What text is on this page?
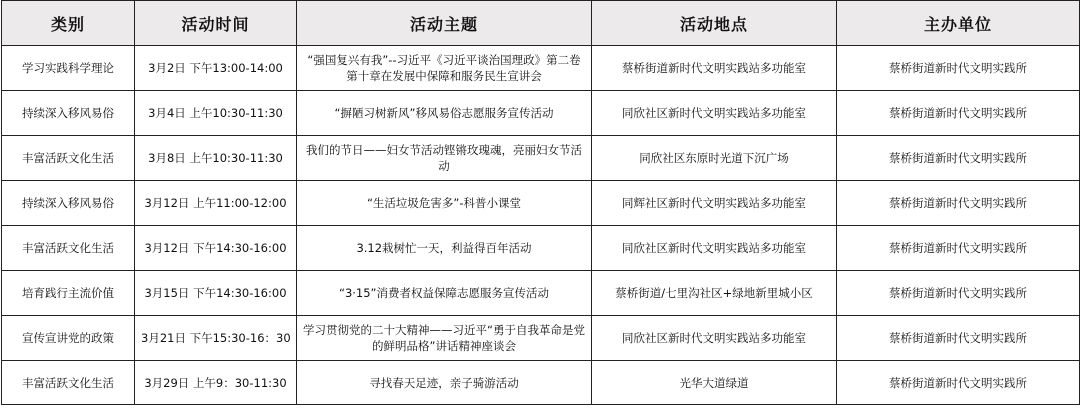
类别	活动时间	活动主题	活动地点	主办单位
学习实践科学理论	3月2日 下午13:00-14:00	“强国复兴有我”--习近平《习近平谈治国理政》第二卷第十章在发展中保障和服务民生宣讲会	蔡桥街道新时代文明实践站多功能室	蔡桥街道新时代文明实践所
持续深入移风易俗	3月4日 上午10:30-11:30	“摒陋习树新风”移风易俗志愿服务宣传活动	同欣社区新时代文明实践站多功能室	蔡桥街道新时代文明实践所
丰富活跃文化生活	3月8日 上午10:30-11:30	我们的节日——妇女节活动铿锵玫瑰魂，亮丽妇女节活动	同欣社区东原时光道下沉广场	蔡桥街道新时代文明实践所
持续深入移风易俗	3月12日 上午11:00-12:00	“生活垃圾危害多”-科普小课堂	同辉社区新时代文明实践站多功能室	蔡桥街道新时代文明实践所
丰富活跃文化生活	3月12日 下午14:30-16:00	3.12栽树忙一天，利益得百年活动	同欣社区新时代文明实践站多功能室	蔡桥街道新时代文明实践所
培育践行主流价值	3月15日 下午14:30-16:00	“3·15”消费者权益保障志愿服务宣传活动	蔡桥街道/七里沟社区+绿地新里城小区	蔡桥街道新时代文明实践所
宣传宣讲党的政策	3月21日 下午15:30-16：30	学习贯彻党的二十大精神——习近平“勇于自我革命是党的鲜明品格”讲话精神座谈会	同欣社区新时代文明实践站多功能室	蔡桥街道新时代文明实践所
丰富活跃文化生活	3月29日 上午9：30-11:30	寻找春天足迹，亲子骑游活动	光华大道绿道	蔡桥街道新时代文明实践所
